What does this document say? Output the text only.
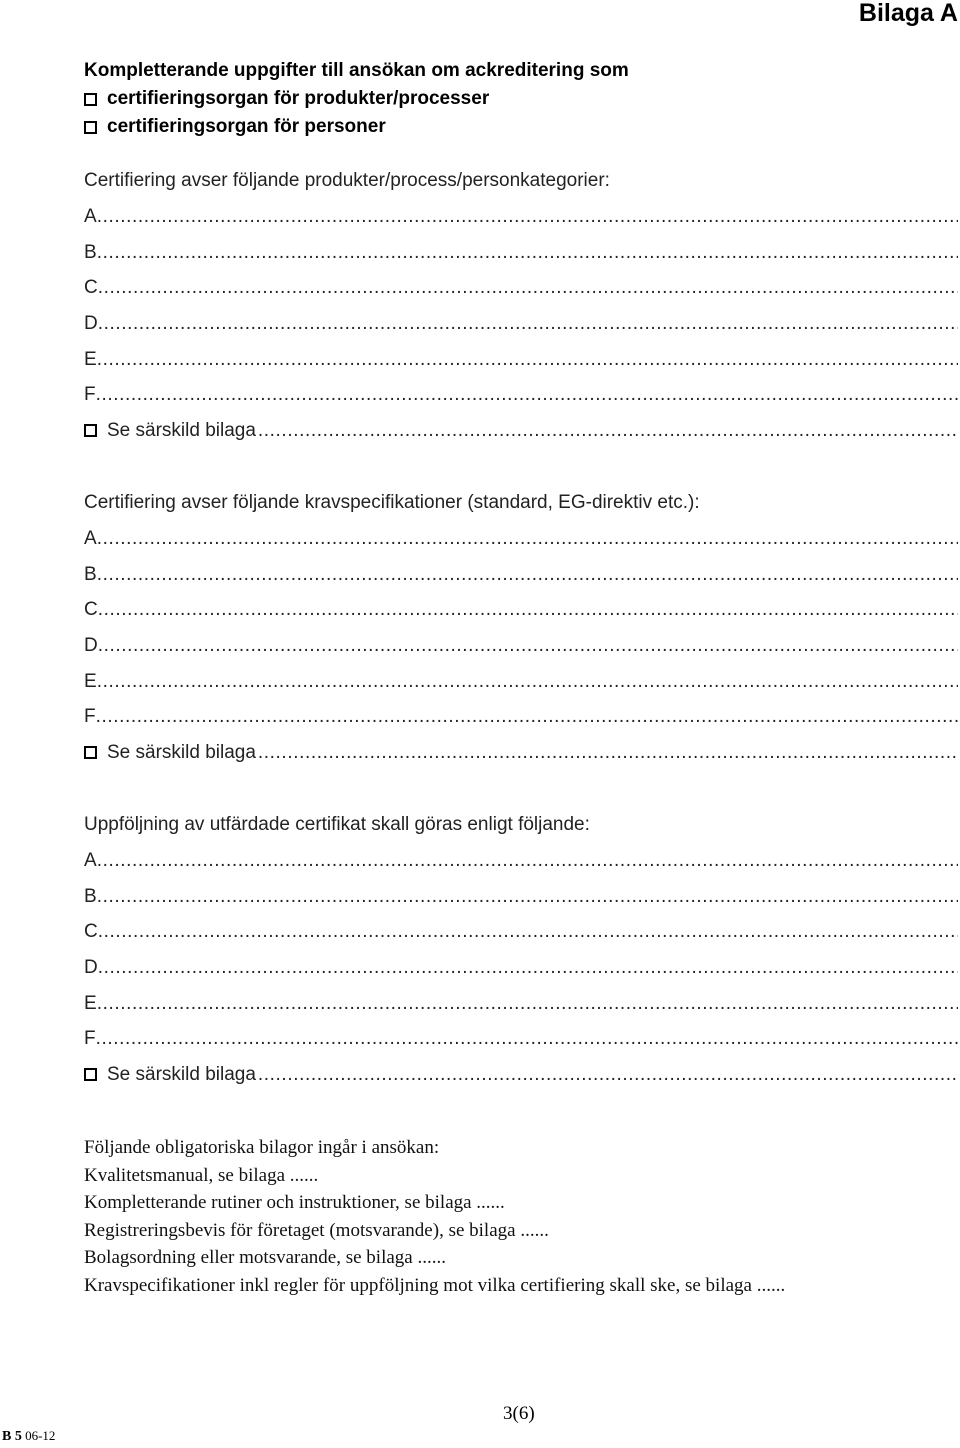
Bilaga A
Kompletterande uppgifter till ansökan om ackreditering som
certifieringsorgan för produkter/processer
certifieringsorgan för personer
Certifiering avser följande produkter/process/personkategorier:
A
.....
B
.....
C
.....
D
.....
E
.....
F
.....
Se särskild bilaga
.....
Certifiering avser följande kravspecifikationer (standard, EG-direktiv etc.):
A
.....
B
.....
C
.....
D
.....
E
.....
F
.....
Se särskild bilaga
.....
Uppföljning av utfärdade certifikat skall göras enligt följande:
A
.....
B
.....
C
.....
D
.....
E
.....
F
.....
Se särskild bilaga
.....
Följande obligatoriska bilagor ingår i ansökan:
Kvalitetsmanual, se bilaga ......
Kompletterande rutiner och instruktioner, se bilaga ......
Registreringsbevis för företaget (motsvarande), se bilaga ......
Bolagsordning eller motsvarande, se bilaga ......
Kravspecifikationer inkl regler för uppföljning mot vilka certifiering skall ske, se bilaga ......
3(6)
B 5 06-12
